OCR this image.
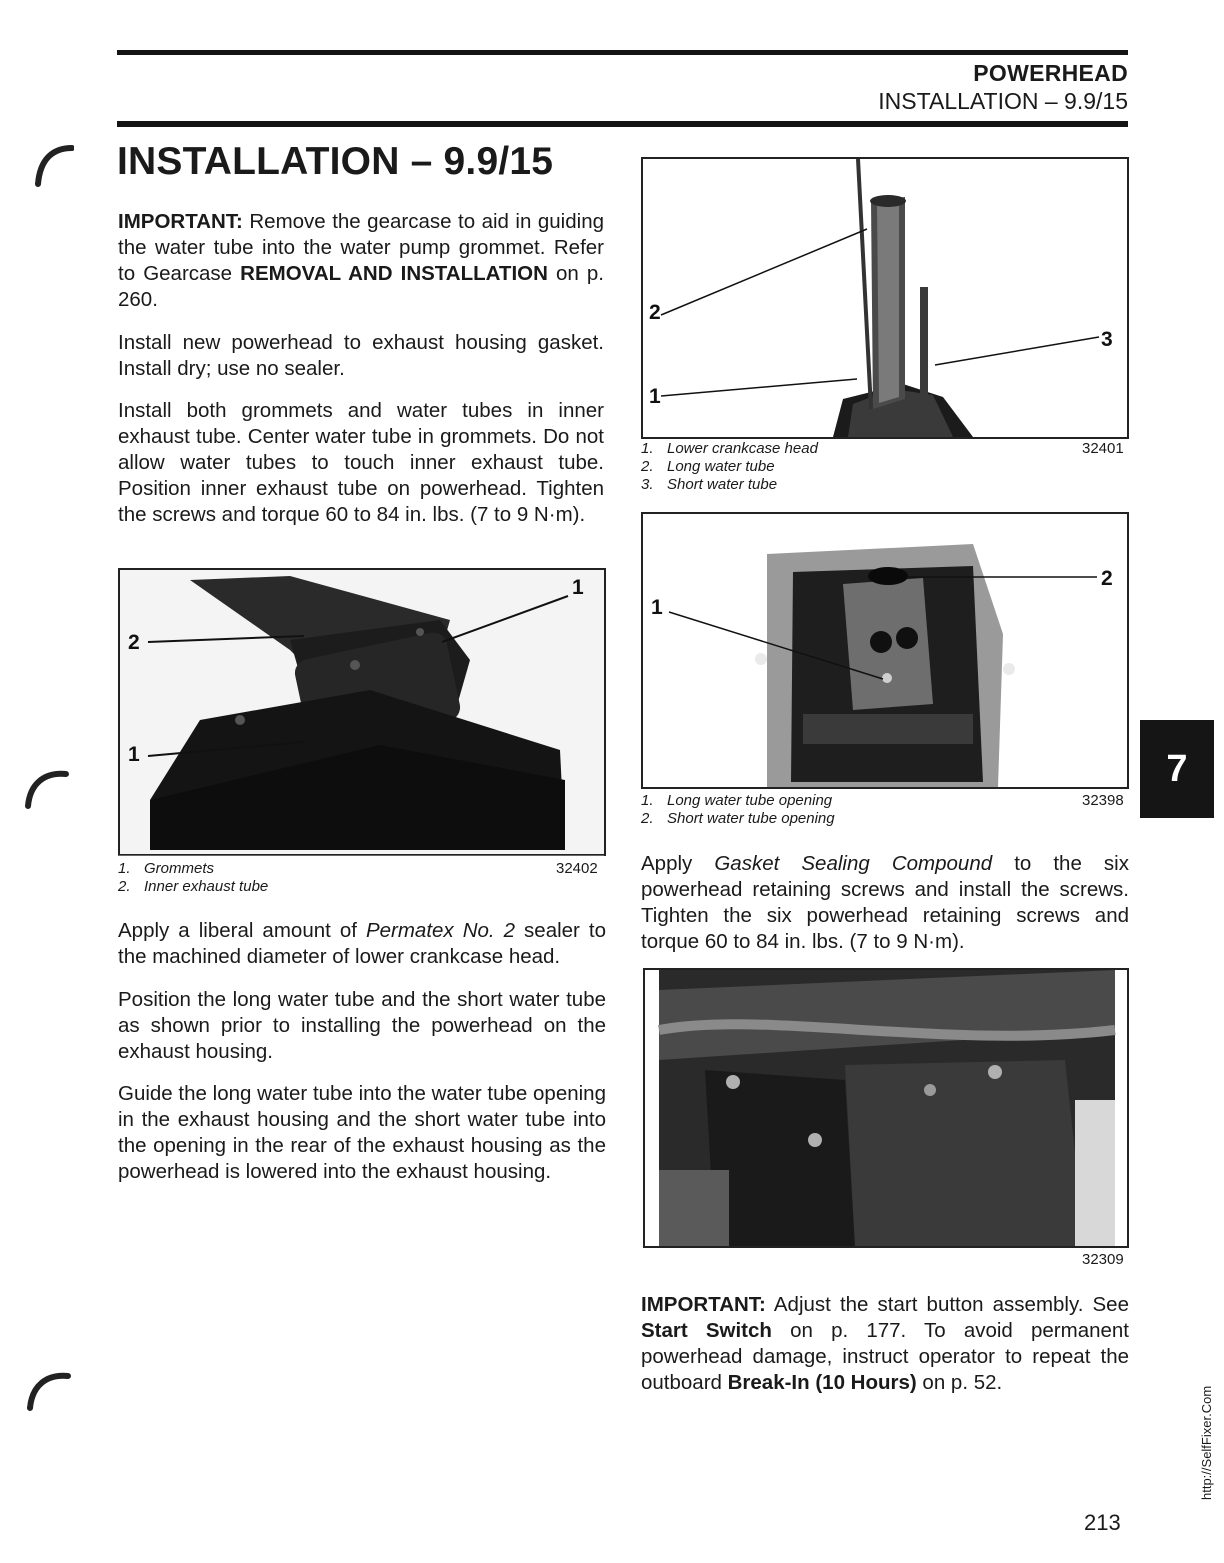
POWERHEAD
INSTALLATION – 9.9/15
INSTALLATION – 9.9/15
IMPORTANT: Remove the gearcase to aid in guiding the water tube into the water pump grommet. Refer to Gearcase REMOVAL AND INSTALLATION on p. 260.
Install new powerhead to exhaust housing gasket. Install dry; use no sealer.
Install both grommets and water tubes in inner exhaust tube. Center water tube in grommets. Do not allow water tubes to touch inner exhaust tube. Position inner exhaust tube on powerhead. Tighten the screws and torque 60 to 84 in. lbs. (7 to 9 N·m).
1
2
1
1. Grommets
2. Inner exhaust tube
32402
Apply a liberal amount of Permatex No. 2 sealer to the machined diameter of lower crankcase head.
Position the long water tube and the short water tube as shown prior to installing the powerhead on the exhaust housing.
Guide the long water tube into the water tube opening in the exhaust housing and the short water tube into the opening in the rear of the exhaust housing as the powerhead is lowered into the exhaust housing.
2
3
1
1. Lower crankcase head
2. Long water tube
3. Short water tube
32401
2
1
1. Long water tube opening
2. Short water tube opening
32398
Apply Gasket Sealing Compound to the six powerhead retaining screws and install the screws. Tighten the six powerhead retaining screws and torque 60 to 84 in. lbs. (7 to 9 N·m).
32309
IMPORTANT: Adjust the start button assembly. See Start Switch on p. 177. To avoid permanent powerhead damage, instruct operator to repeat the outboard Break-In (10 Hours) on p. 52.
7
http://SelfFixer.Com
213
